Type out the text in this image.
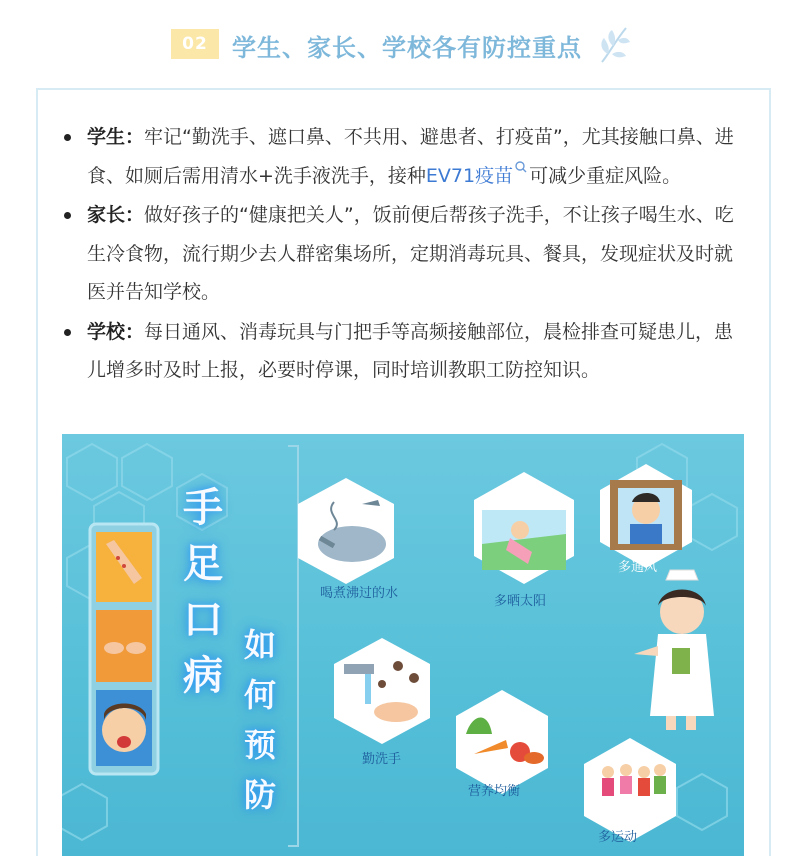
02	学生、家长、学校各有防控重点
学生：牢记“勤洗手、遮口鼻、不共用、避患者、打疫苗”，尤其接触口鼻、进食、如厕后需用清水+洗手液洗手，接种EV71疫苗 可减少重症风险。
家长：做好孩子的“健康把关人”，饭前便后帮孩子洗手，不让孩子喝生水、吃生冷食物，流行期少去人群密集场所，定期消毒玩具、餐具，发现症状及时就医并告知学校。
学校：每日通风、消毒玩具与门把手等高频接触部位，晨检排查可疑患儿，患儿增多时及时上报，必要时停课，同时培训教职工防控知识。
手
足
口
病
如
何
预
防
喝煮沸过的水
多晒太阳
多通风
勤洗手
营养均衡
多运动
